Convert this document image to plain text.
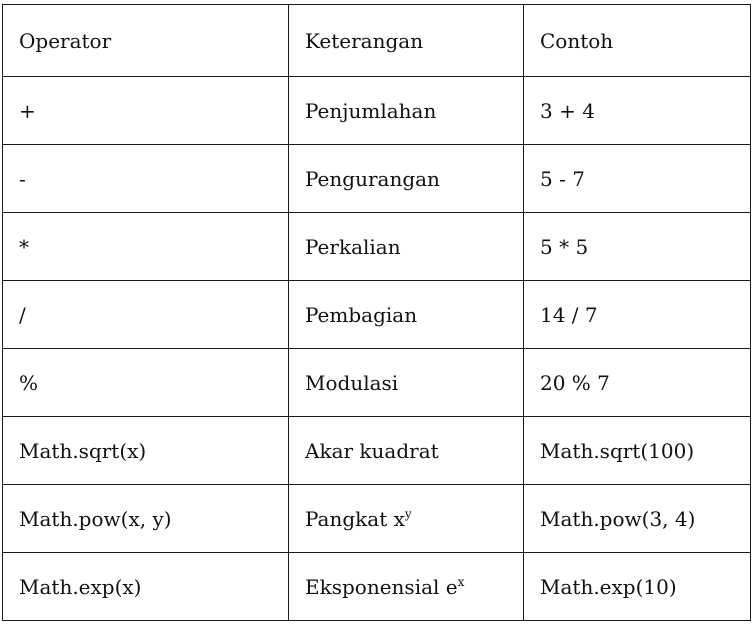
Operator	Keterangan	Contoh
+	Penjumlahan	3 + 4
-	Pengurangan	5 - 7
*	Perkalian	5 * 5
/	Pembagian	14 / 7
%	Modulasi	20 % 7
Math.sqrt(x)	Akar kuadrat	Math.sqrt(100)
Math.pow(x, y)	Pangkat $x^y$	Math.pow(3, 4)
Math.exp(x)	Eksponensial $e^x$	Math.exp(10)
